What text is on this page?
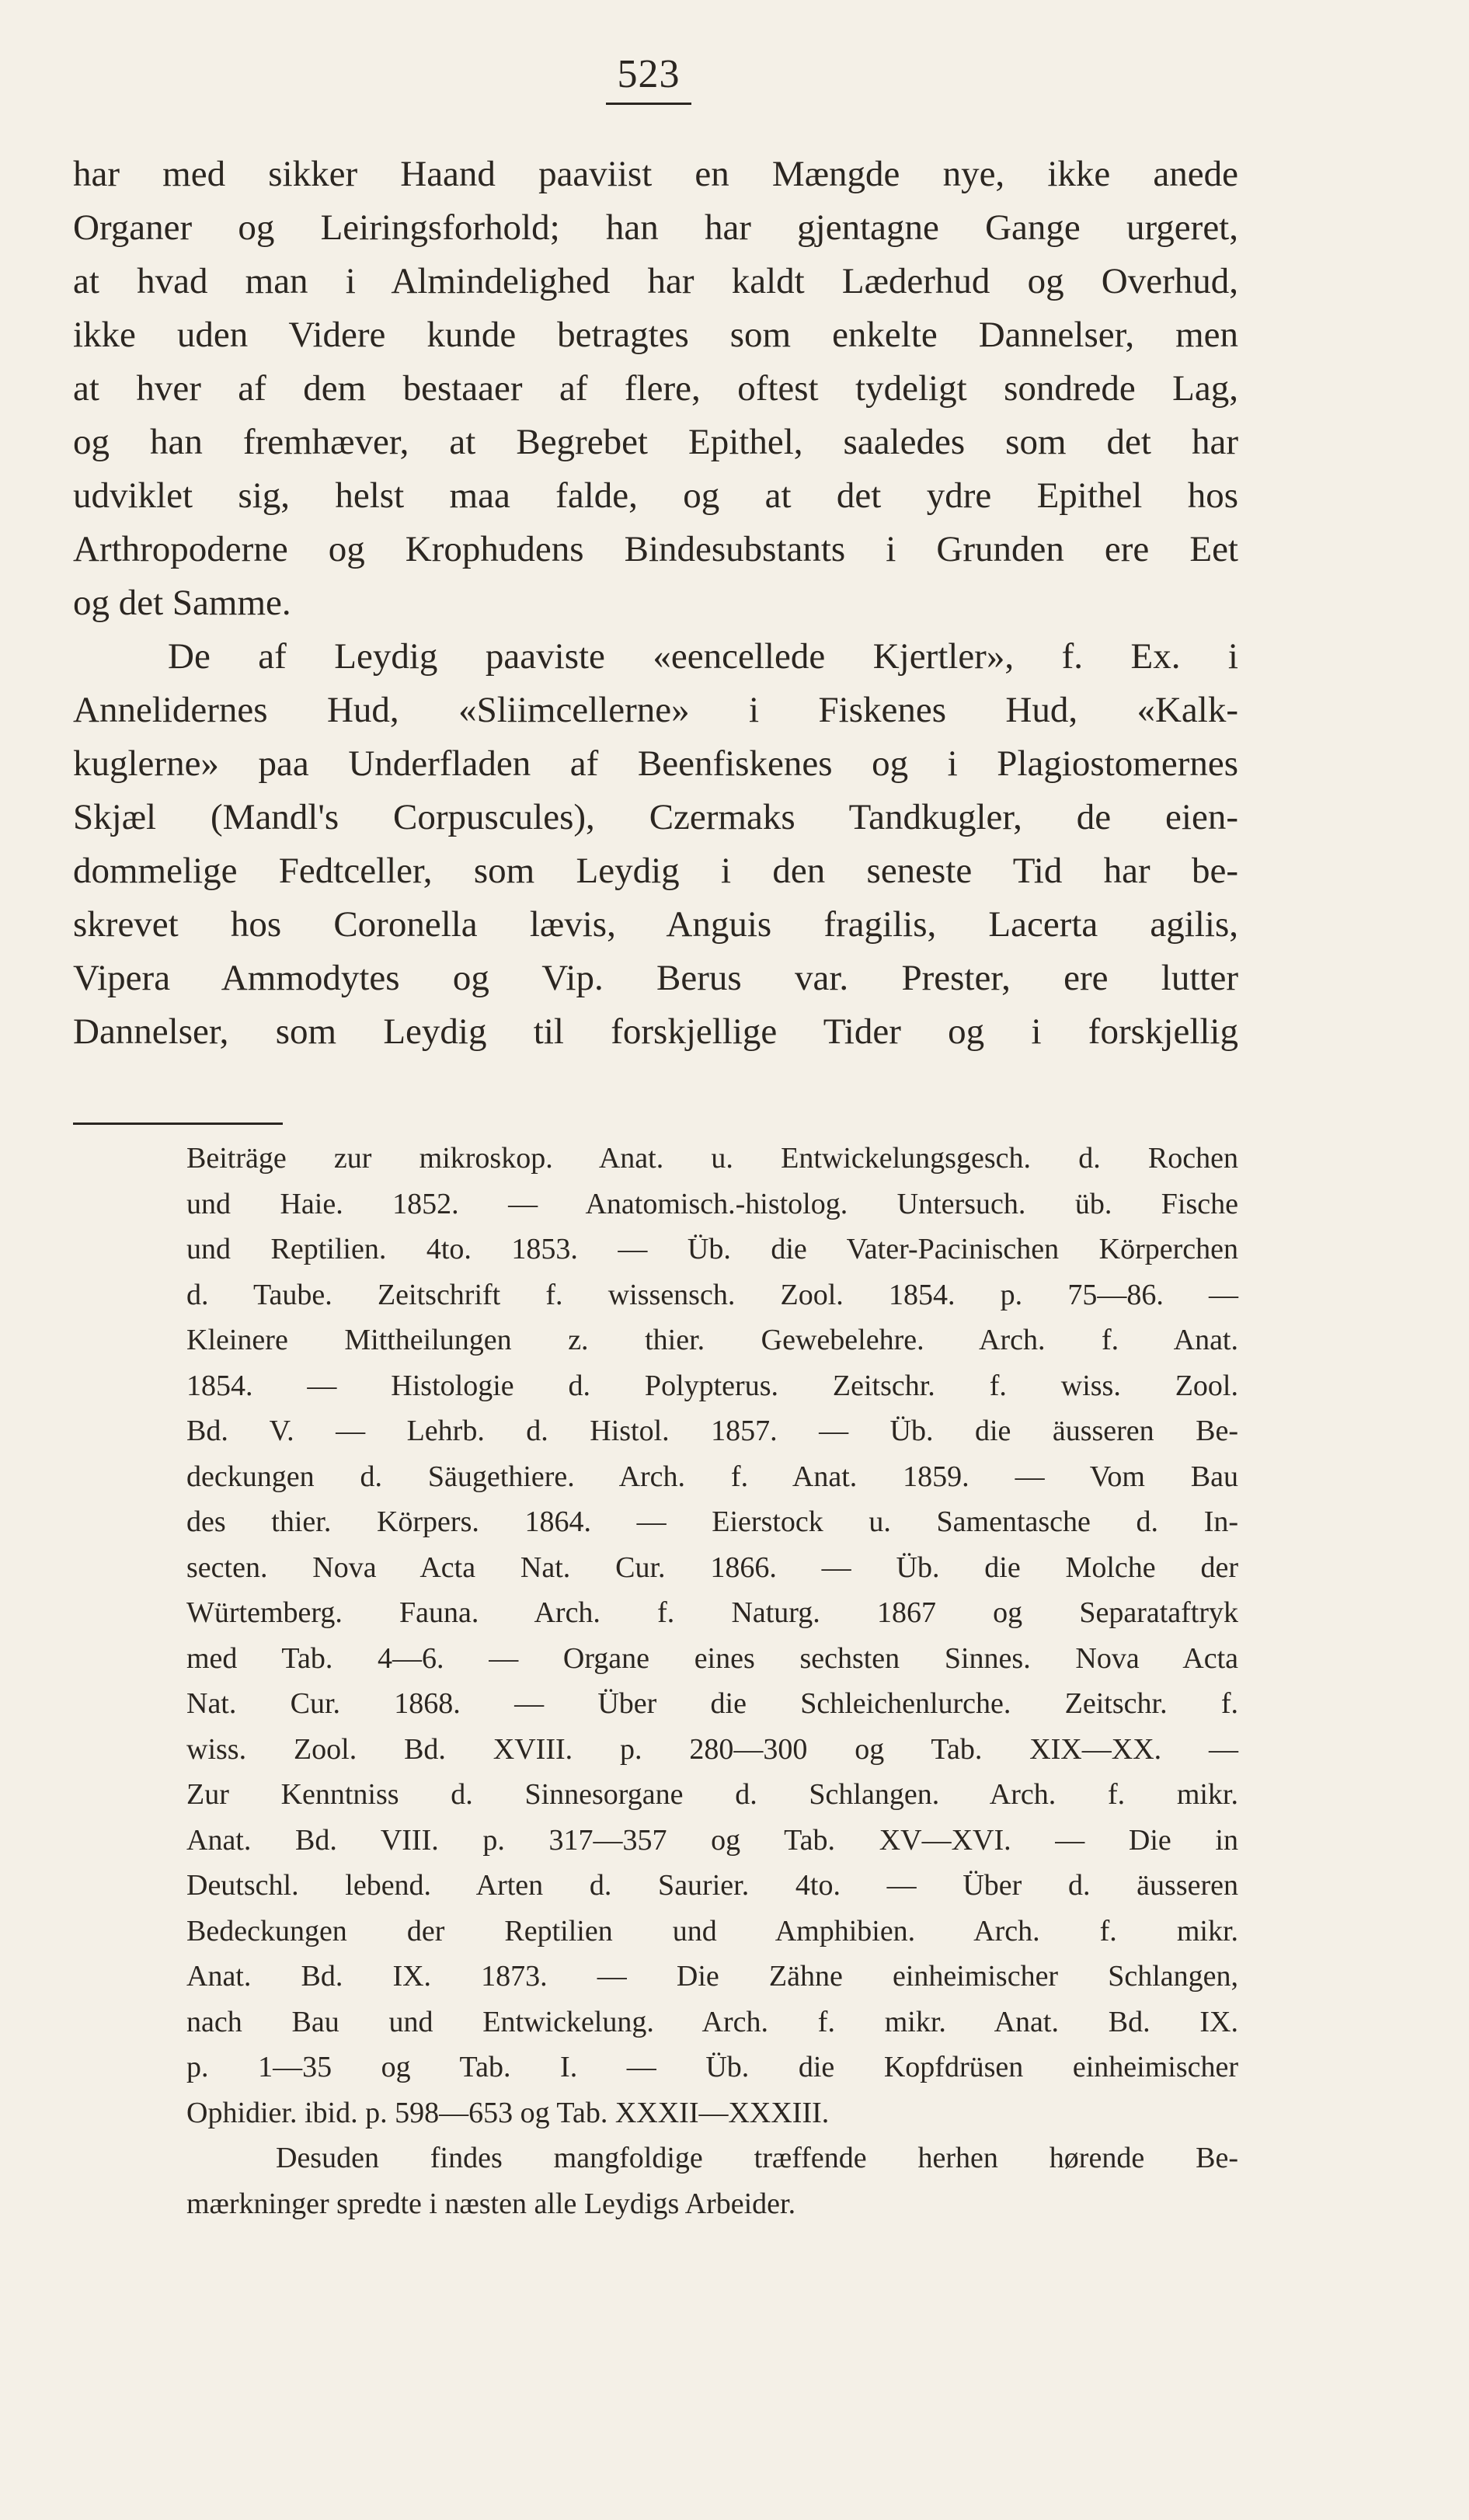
523
har med sikker Haand paaviist en Mængde nye, ikke anede
Organer og Leiringsforhold; han har gjentagne Gange urgeret,
at hvad man i Almindelighed har kaldt Læderhud og Overhud,
ikke uden Videre kunde betragtes som enkelte Dannelser, men
at hver af dem bestaaer af flere, oftest tydeligt sondrede Lag,
og han fremhæver, at Begrebet Epithel, saaledes som det har
udviklet sig, helst maa falde, og at det ydre Epithel hos
Arthropoderne og Krophudens Bindesubstants i Grunden ere Eet
og det Samme.
De af Leydig paaviste «eencellede Kjertler», f. Ex. i
Annelidernes Hud, «Sliimcellerne» i Fiskenes Hud, «Kalk-
kuglerne» paa Underfladen af Beenfiskenes og i Plagiostomernes
Skjæl (Mandl's Corpuscules), Czermaks Tandkugler, de eien-
dommelige Fedtceller, som Leydig i den seneste Tid har be-
skrevet hos Coronella lævis, Anguis fragilis, Lacerta agilis,
Vipera Ammodytes og Vip. Berus var. Prester, ere lutter
Dannelser, som Leydig til forskjellige Tider og i forskjellig
Beiträge zur mikroskop. Anat. u. Entwickelungsgesch. d. Rochen
und Haie. 1852. — Anatomisch.-histolog. Untersuch. üb. Fische
und Reptilien. 4to. 1853. — Üb. die Vater-Pacinischen Körperchen
d. Taube. Zeitschrift f. wissensch. Zool. 1854. p. 75—86. —
Kleinere Mittheilungen z. thier. Gewebelehre. Arch. f. Anat.
1854. — Histologie d. Polypterus. Zeitschr. f. wiss. Zool.
Bd. V. — Lehrb. d. Histol. 1857. — Üb. die äusseren Be-
deckungen d. Säugethiere. Arch. f. Anat. 1859. — Vom Bau
des thier. Körpers. 1864. — Eierstock u. Samentasche d. In-
secten. Nova Acta Nat. Cur. 1866. — Üb. die Molche der
Würtemberg. Fauna. Arch. f. Naturg. 1867 og Separataftryk
med Tab. 4—6. — Organe eines sechsten Sinnes. Nova Acta
Nat. Cur. 1868. — Über die Schleichenlurche. Zeitschr. f.
wiss. Zool. Bd. XVIII. p. 280—300 og Tab. XIX—XX. —
Zur Kenntniss d. Sinnesorgane d. Schlangen. Arch. f. mikr.
Anat. Bd. VIII. p. 317—357 og Tab. XV—XVI. — Die in
Deutschl. lebend. Arten d. Saurier. 4to. — Über d. äusseren
Bedeckungen der Reptilien und Amphibien. Arch. f. mikr.
Anat. Bd. IX. 1873. — Die Zähne einheimischer Schlangen,
nach Bau und Entwickelung. Arch. f. mikr. Anat. Bd. IX.
p. 1—35 og Tab. I. — Üb. die Kopfdrüsen einheimischer
Ophidier. ibid. p. 598—653 og Tab. XXXII—XXXIII.
Desuden findes mangfoldige træffende herhen hørende Be-
mærkninger spredte i næsten alle Leydigs Arbeider.
